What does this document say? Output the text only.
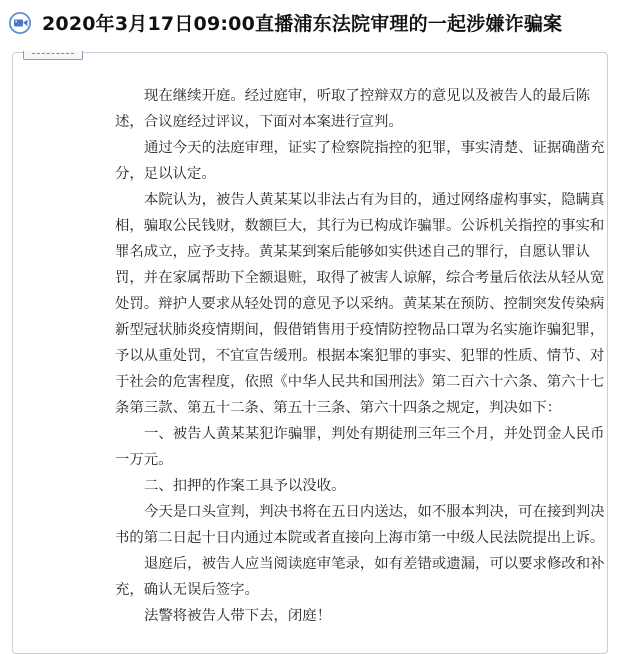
2020年3月17日09:00直播浦东法院审理的一起涉嫌诈骗案

现在继续开庭。经过庭审，听取了控辩双方的意见以及被告人的最后陈述，合议庭经过评议，下面对本案进行宣判。

通过今天的法庭审理，证实了检察院指控的犯罪，事实清楚、证据确凿充分，足以认定。

本院认为，被告人黄某某以非法占有为目的，通过网络虚构事实，隐瞒真相，骗取公民钱财，数额巨大，其行为已构成诈骗罪。公诉机关指控的事实和罪名成立，应予支持。黄某某到案后能够如实供述自己的罪行，自愿认罪认罚，并在家属帮助下全额退赃，取得了被害人谅解，综合考量后依法从轻从宽处罚。辩护人要求从轻处罚的意见予以采纳。黄某某在预防、控制突发传染病新型冠状肺炎疫情期间，假借销售用于疫情防控物品口罩为名实施诈骗犯罪，予以从重处罚，不宜宣告缓刑。根据本案犯罪的事实、犯罪的性质、情节、对于社会的危害程度，依照《中华人民共和国刑法》第二百六十六条、第六十七条第三款、第五十二条、第五十三条、第六十四条之规定，判决如下：

一、被告人黄某某犯诈骗罪，判处有期徒刑三年三个月，并处罚金人民币一万元。

二、扣押的作案工具予以没收。

今天是口头宣判，判决书将在五日内送达，如不服本判决，可在接到判决书的第二日起十日内通过本院或者直接向上海市第一中级人民法院提出上诉。

退庭后，被告人应当阅读庭审笔录，如有差错或遗漏，可以要求修改和补充，确认无误后签字。

法警将被告人带下去，闭庭！
